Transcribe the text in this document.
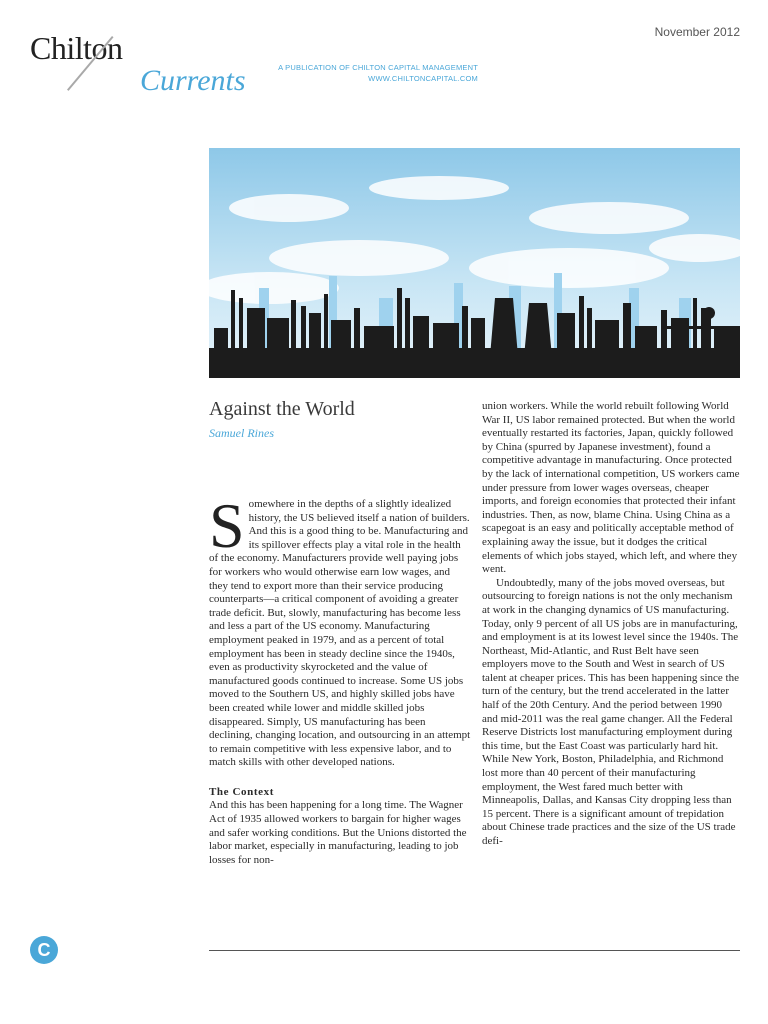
November 2012
Chilton
Currents	A PUBLICATION OF CHILTON CAPITAL MANAGEMENT
WWW.CHILTONCAPITAL.COM
Against the World
Samuel Rines

Somewhere in the depths of a slightly idealized history, the US believed itself a nation of builders. And this is a good thing to be. Manufacturing and its spillover effects play a vital role in the health of the economy. Manufacturers provide well paying jobs for workers who would otherwise earn low wages, and they tend to export more than their service producing counterparts—a critical component of avoiding a greater trade deficit. But, slowly, manufacturing has become less and less a part of the US economy. Manufacturing employment peaked in 1979, and as a percent of total employment has been in steady decline since the 1940s, even as productivity skyrocketed and the value of manufactured goods continued to increase. Some US jobs moved to the Southern US, and highly skilled jobs have been created while lower and middle skilled jobs disappeared. Simply, US manufacturing has been declining, changing location, and outsourcing in an attempt to remain competitive with less expensive labor, and to match skills with other developed nations.

The Context

And this has been happening for a long time. The Wagner Act of 1935 allowed workers to bargain for higher wages and safer working conditions. But the Unions distorted the labor market, especially in manufacturing, leading to job losses for non-

union workers. While the world rebuilt following World War II, US labor remained protected. But when the world eventually restarted its factories, Japan, quickly followed by China (spurred by Japanese investment), found a competitive advantage in manufacturing. Once protected by the lack of international competition, US workers came under pressure from lower wages overseas, cheaper imports, and foreign economies that protected their infant industries. Then, as now, blame China. Using China as a scapegoat is an easy and politically acceptable method of explaining away the issue, but it dodges the critical elements of which jobs stayed, which left, and where they went.

Undoubtedly, many of the jobs moved overseas, but outsourcing to foreign nations is not the only mechanism at work in the changing dynamics of US manufacturing. Today, only 9 percent of all US jobs are in manufacturing, and employment is at its lowest level since the 1940s. The Northeast, Mid-Atlantic, and Rust Belt have seen employers move to the South and West in search of US talent at cheaper prices. This has been happening since the turn of the century, but the trend accelerated in the latter half of the 20th Century. And the period between 1990 and mid-2011 was the real game changer. All the Federal Reserve Districts lost manufacturing employment during this time, but the East Coast was particularly hard hit. While New York, Boston, Philadelphia, and Richmond lost more than 40 percent of their manufacturing employment, the West fared much better with Minneapolis, Dallas, and Kansas City dropping less than 15 percent. There is a significant amount of trepidation about Chinese trade practices and the size of the US trade defi-

C
